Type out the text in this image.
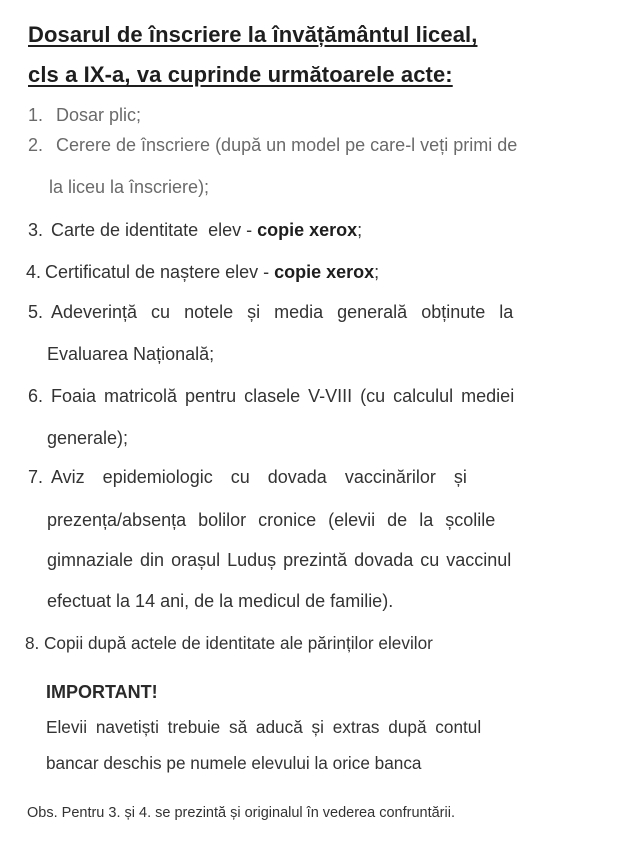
Dosarul de înscriere la învățământul liceal,
cls a IX-a, va cuprinde următoarele acte:
1. Dosar plic;
2. Cerere de înscriere (după un model pe care-l veți primi de
la liceu la înscriere);
3. Carte de identitate  elev - copie xerox;
4. Certificatul de naștere elev - copie xerox;
5. Adeverință cu notele și media generală obținute la
Evaluarea Națională;
6. Foaia matricolă pentru clasele V-VIII (cu calculul mediei
generale);
7. Aviz   epidemiologic   cu   dovada   vaccinărilor   și
prezența/absența bolilor cronice (elevii de la școlile
gimnaziale din orașul Luduș prezintă dovada cu vaccinul
efectuat la 14 ani, de la medicul de familie).
8. Copii după actele de identitate ale părinților elevilor
IMPORTANT!
Elevii navetiști trebuie să aducă și extras după contul
bancar deschis pe numele elevului la orice banca
Obs. Pentru 3. și 4. se prezintă și originalul în vederea confruntării.
